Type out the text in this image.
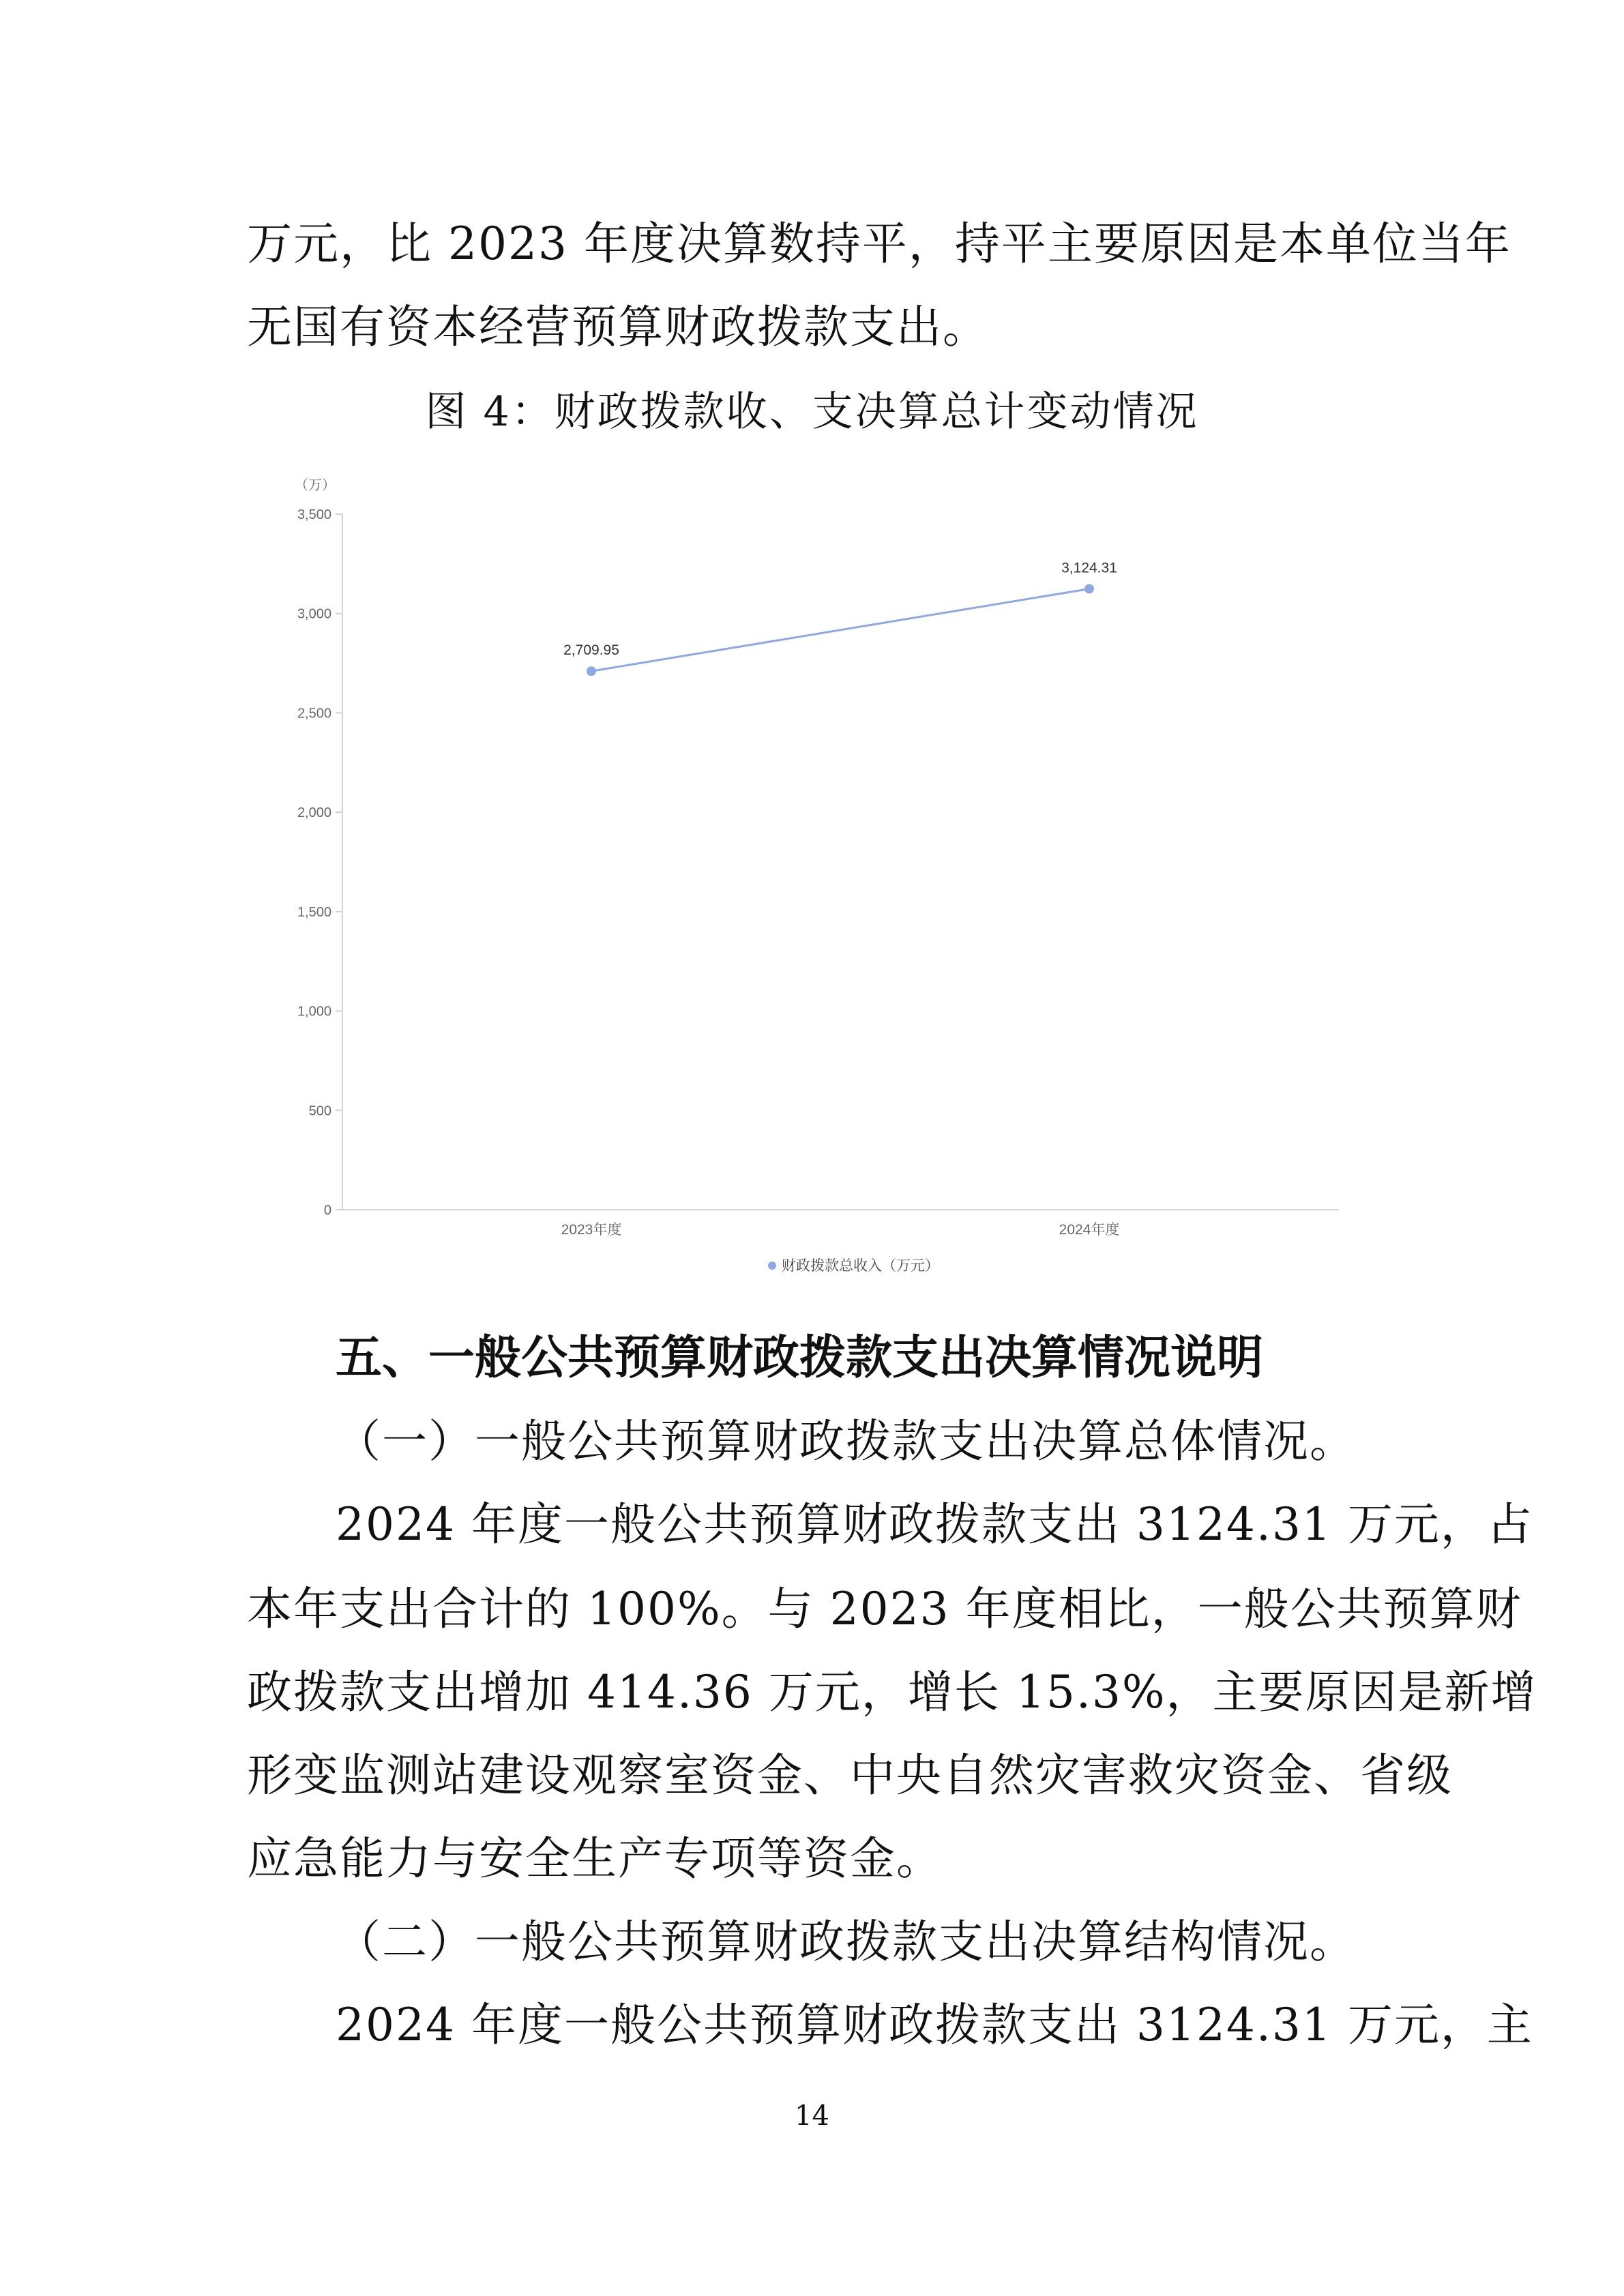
万元，比 2023 年度决算数持平，持平主要原因是本单位当年
无国有资本经营预算财政拨款支出。
图 4：财政拨款收、支决算总计变动情况
（万）
0
500
1,000
1,500
2,000
2,500
3,000
3,500
2023年度	2024年度
2,709.95
3,124.31
财政拨款总收入（万元）
五、一般公共预算财政拨款支出决算情况说明
（一）一般公共预算财政拨款支出决算总体情况。
2024 年度一般公共预算财政拨款支出 3124.31 万元，占
本年支出合计的 100%。与 2023 年度相比，一般公共预算财
政拨款支出增加 414.36 万元，增长 15.3%，主要原因是新增
形变监测站建设观察室资金、中央自然灾害救灾资金、省级
应急能力与安全生产专项等资金。
（二）一般公共预算财政拨款支出决算结构情况。
2024 年度一般公共预算财政拨款支出 3124.31 万元，主
14
